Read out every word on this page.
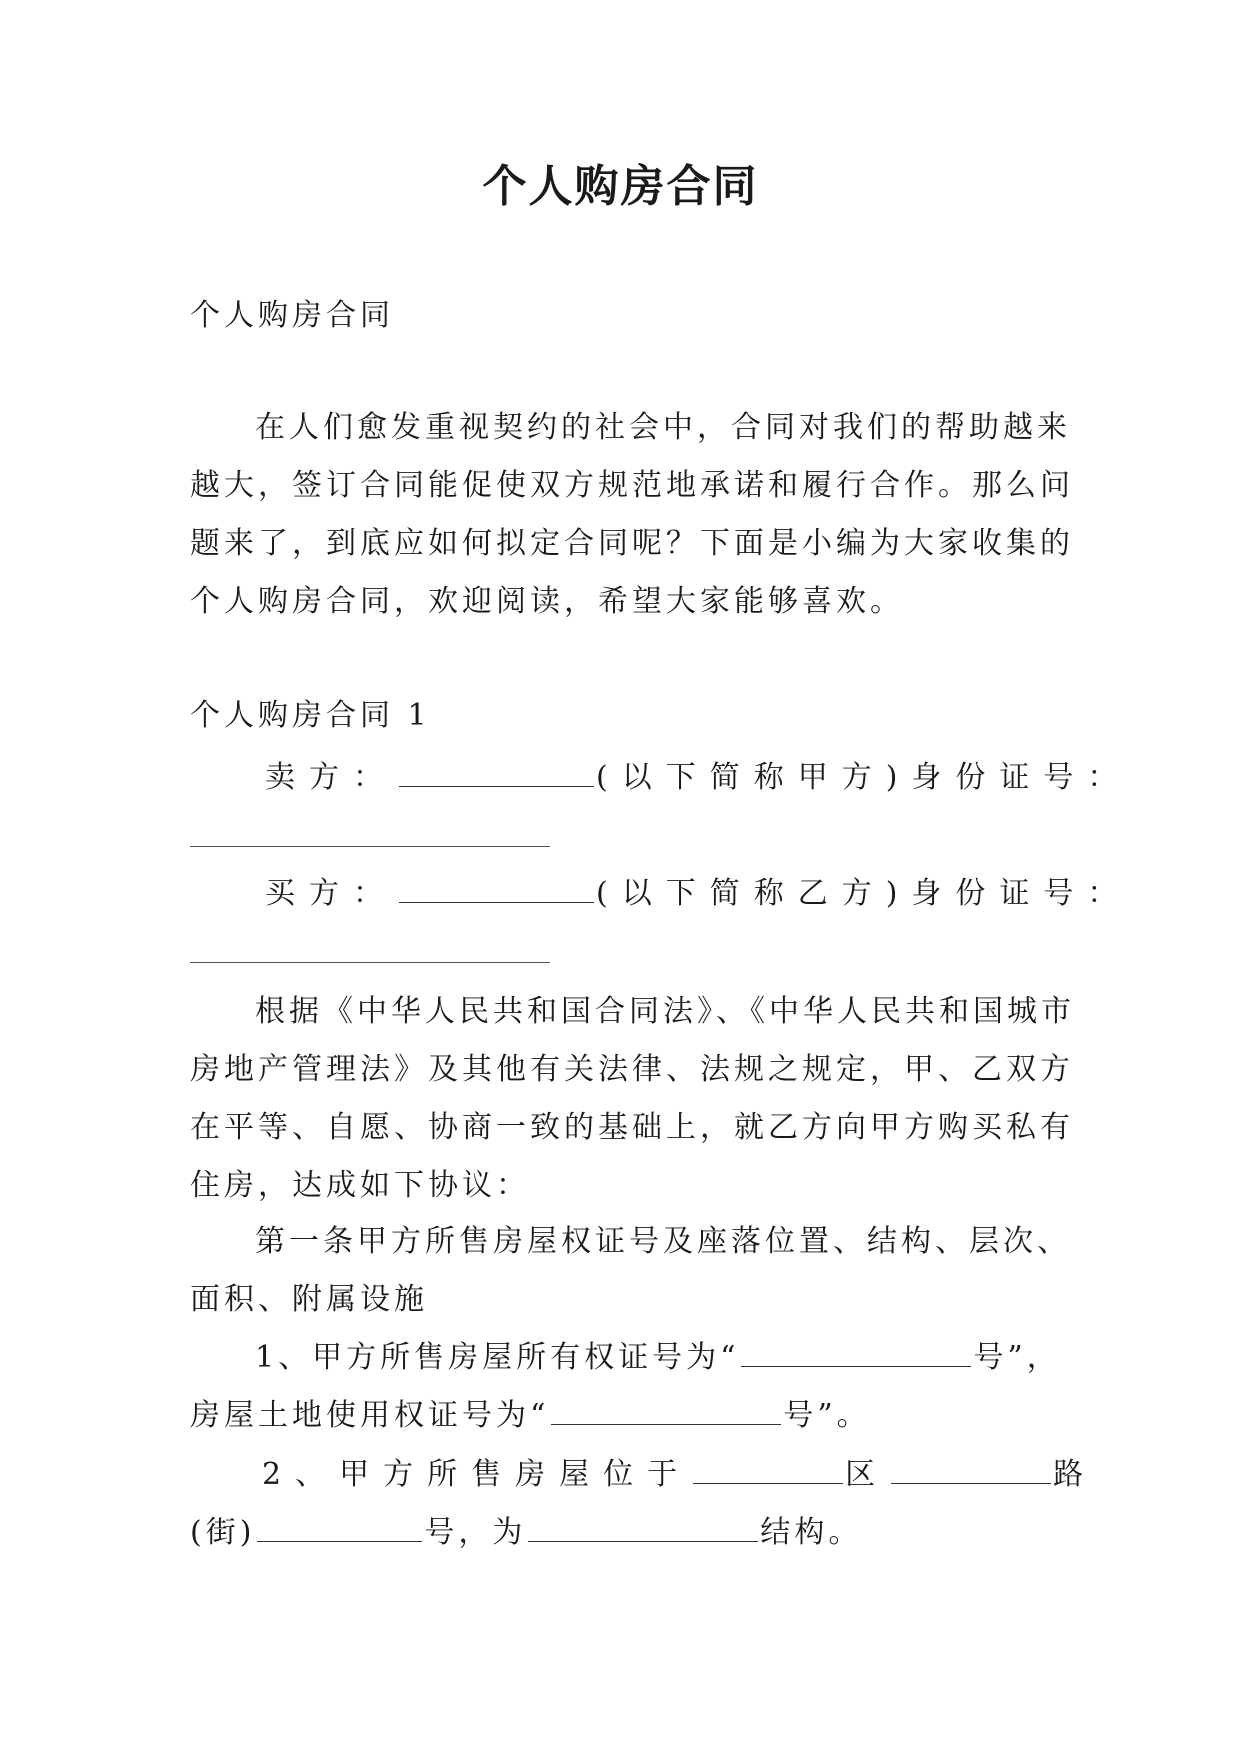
个人购房合同
个人购房合同
在人们愈发重视契约的社会中，合同对我们的帮助越来
越大，签订合同能促使双方规范地承诺和履行合作。那么问
题来了，到底应如何拟定合同呢？下面是小编为大家收集的
个人购房合同，欢迎阅读，希望大家能够喜欢。
个人购房合同 1
卖方：	(以下简称甲方)身份证号：
买方：	(以下简称乙方)身份证号：
根据《中华人民共和国合同法》、《中华人民共和国城市
房地产管理法》及其他有关法律、法规之规定，甲、乙双方
在平等、自愿、协商一致的基础上，就乙方向甲方购买私有
住房，达成如下协议：
第一条甲方所售房屋权证号及座落位置、结构、层次、
面积、附属设施
1、甲方所售房屋所有权证号为“	号”，
房屋土地使用权证号为“	号”。
2、甲方所售房屋位于	区	路
(街)	号，为	结构。
